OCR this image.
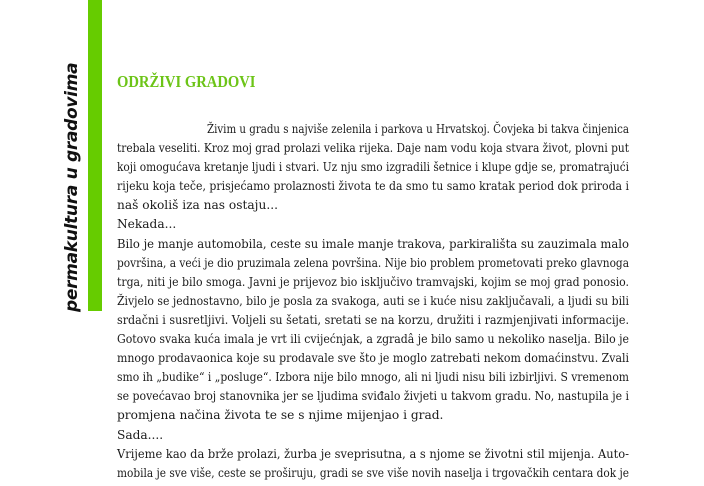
permakultura u gradovima ODRŽIVI GRADOVI
Živim u gradu s najviše zelenila i parkova u Hrvatskoj. Čovjeka bi takva činjenica
trebala veseliti. Kroz moj grad prolazi velika rijeka. Daje nam vodu koja stvara život, plovni put
koji omogućava kretanje ljudi i stvari. Uz nju smo izgradili šetnice i klupe gdje se, promatrajući
rijeku koja teče, prisjećamo prolaznosti života te da smo tu samo kratak period dok priroda i
naš okoliš iza nas ostaju...
Nekada...
Bilo je manje automobila, ceste su imale manje trakova, parkirališta su zauzimala malo
površina, a veći je dio pruzimala zelena površina. Nije bio problem prometovati preko glavnoga
trga, niti je bilo smoga. Javni je prijevoz bio isključivo tramvajski, kojim se moj grad ponosio.
Živjelo se jednostavno, bilo je posla za svakoga, auti se i kuće nisu zaključavali, a ljudi su bili
srdačni i susretljivi. Voljeli su šetati, sretati se na korzu, družiti i razmjenjivati informacije.
Gotovo svaka kuća imala je vrt ili cvijećnjak, a zgradâ je bilo samo u nekoliko naselja. Bilo je
mnogo prodavaonica koje su prodavale sve što je moglo zatrebati nekom domaćinstvu. Zvali
smo ih „budike“ i „posluge“. Izbora nije bilo mnogo, ali ni ljudi nisu bili izbirljivi. S vremenom
se povećavao broj stanovnika jer se ljudima sviđalo živjeti u takvom gradu. No, nastupila je i
promjena načina života te se s njime mijenjao i grad.
Sada....
Vrijeme kao da brže prolazi, žurba je sveprisutna, a s njome se životni stil mijenja. Auto-
mobila je sve više, ceste se proširuju, gradi se sve više novih naselja i trgovačkih centara dok je
